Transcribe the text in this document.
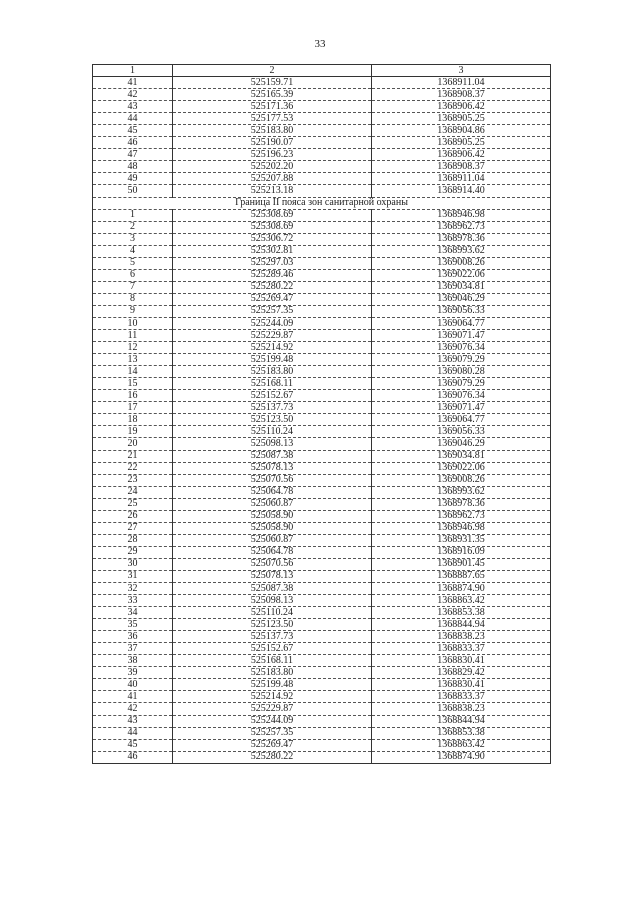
33
1	2	3
41	525159.71	1368911.04
42	525165.39	1368908.37
43	525171.36	1368906.42
44	525177.53	1368905.25
45	525183.80	1368904.86
46	525190.07	1368905.25
47	525196.23	1368906.42
48	525202.20	1368908.37
49	525207.88	1368911.04
50	525213.18	1368914.40
Граница II пояса зон санитарной охраны		
1	525308.69	1368946.98
2	525308.69	1368962.73
3	525306.72	1368978.36
4	525302.81	1368993.62
5	525297.03	1369008.26
6	525289.46	1369022.06
7	525280.22	1369034.81
8	525269.47	1369046.29
9	525257.35	1369056.33
10	525244.09	1369064.77
11	525229.87	1369071.47
12	525214.92	1369076.34
13	525199.48	1369079.29
14	525183.80	1369080.28
15	525168.11	1369079.29
16	525152.67	1369076.34
17	525137.73	1369071.47
18	525123.50	1369064.77
19	525110.24	1369056.33
20	525098.13	1369046.29
21	525087.38	1369034.81
22	525078.13	1369022.06
23	525070.56	1369008.26
24	525064.78	1368993.62
25	525060.87	1368978.36
26	525058.90	1368962.73
27	525058.90	1368946.98
28	525060.87	1368931.35
29	525064.78	1368916.09
30	525070.56	1368901.45
31	525078.13	1368887.65
32	525087.38	1368874.90
33	525098.13	1368863.42
34	525110.24	1368853.38
35	525123.50	1368844.94
36	525137.73	1368838.23
37	525152.67	1368833.37
38	525168.11	1368830.41
39	525183.80	1368829.42
40	525199.48	1368830.41
41	525214.92	1368833.37
42	525229.87	1368838.23
43	525244.09	1368844.94
44	525257.35	1368853.38
45	525269.47	1368863.42
46	525280.22	1368874.90
